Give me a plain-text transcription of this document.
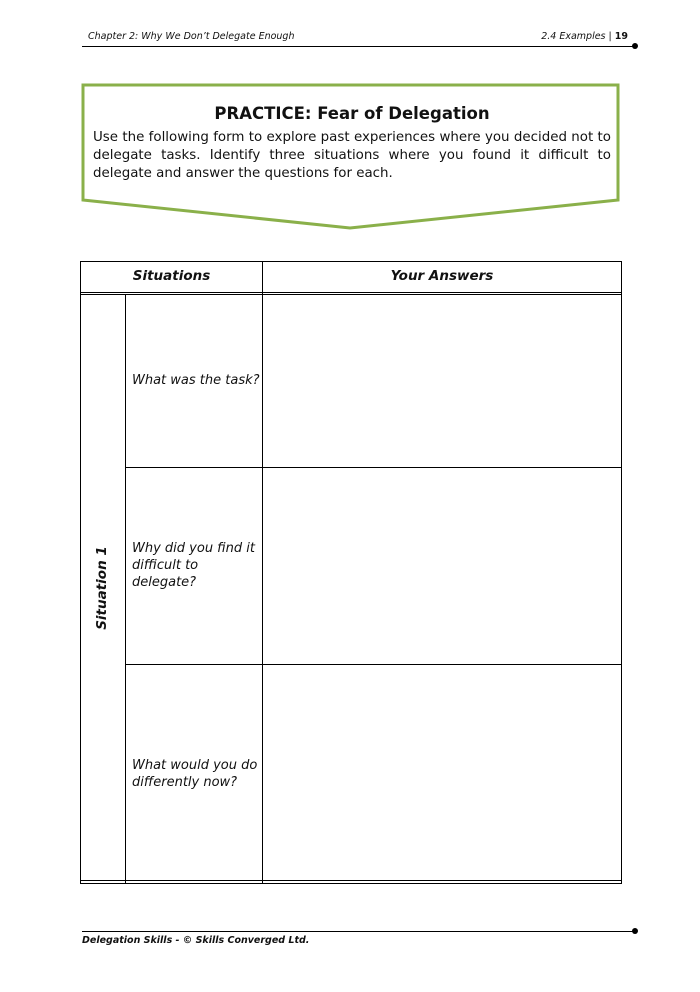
Chapter 2: Why We Don’t Delegate Enough	2.4 Examples | 19
PRACTICE: Fear of Delegation
Use the following form to explore past experiences where you decided not to delegate tasks. Identify three situations where you found it difficult to delegate and answer the questions for each.
Situations	Your Answers
Situation 1
What was the task?
Why did you find it difficult to delegate?
What would you do differently now?
Delegation Skills - © Skills Converged Ltd.
